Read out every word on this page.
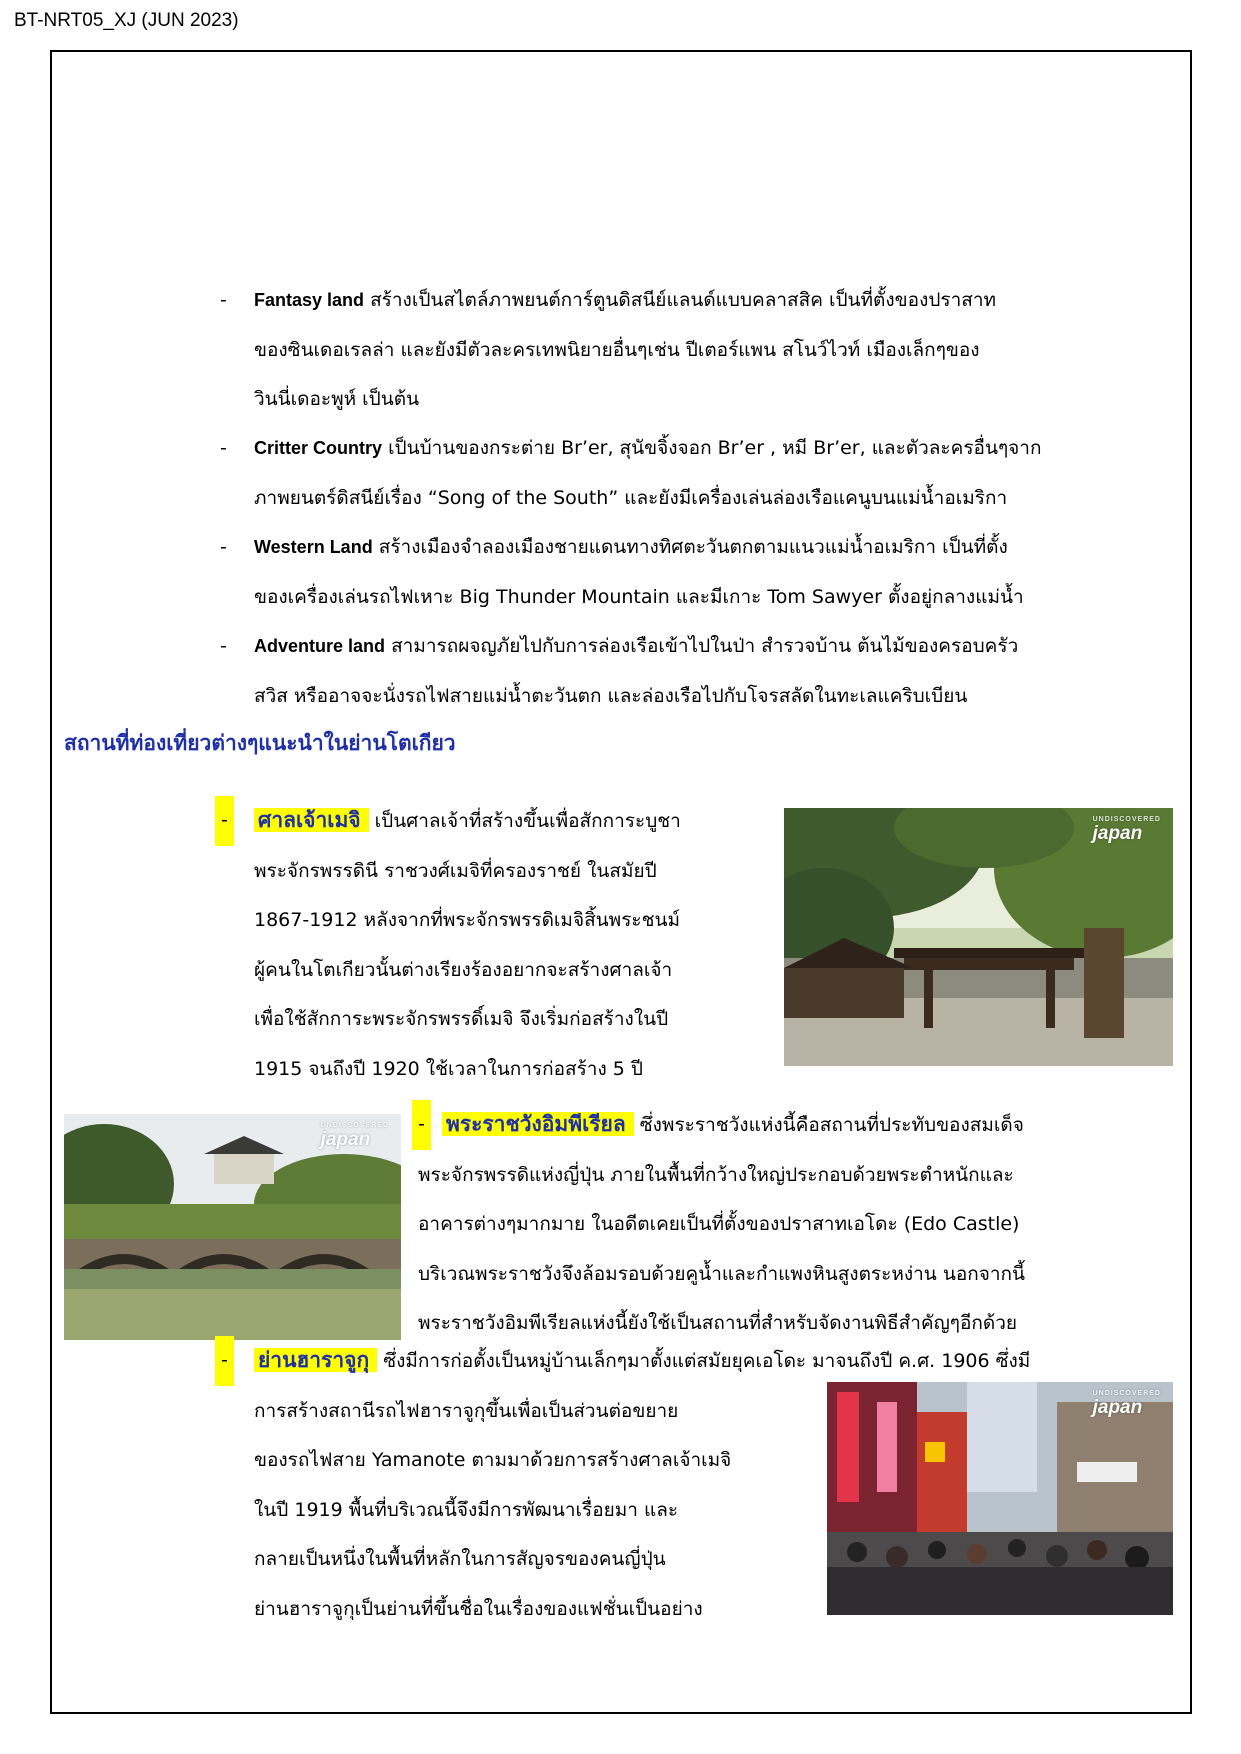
BT-NRT05_XJ (JUN 2023)
- Fantasy land สร้างเป็นสไตล์ภาพยนต์การ์ตูนดิสนีย์แลนด์แบบคลาสสิค เป็นที่ตั้งของปราสาท
ของซินเดอเรลล่า และยังมีตัวละครเทพนิยายอื่นๆเช่น ปีเตอร์แพน สโนว์ไวท์ เมืองเล็กๆของ
วินนี่เดอะพูห์ เป็นต้น
- Critter Country เป็นบ้านของกระต่าย Br’er, สุนัขจิ้งจอก Br’er , หมี Br’er, และตัวละครอื่นๆจาก
ภาพยนตร์ดิสนีย์เรื่อง “Song of the South” และยังมีเครื่องเล่นล่องเรือแคนูบนแม่น้ำอเมริกา
- Western Land สร้างเมืองจำลองเมืองชายแดนทางทิศตะวันตกตามแนวแม่น้ำอเมริกา เป็นที่ตั้ง
ของเครื่องเล่นรถไฟเหาะ Big Thunder Mountain และมีเกาะ Tom Sawyer ตั้งอยู่กลางแม่น้ำ
- Adventure land สามารถผจญภัยไปกับการล่องเรือเข้าไปในป่า สำรวจบ้าน ต้นไม้ของครอบครัว
สวิส หรืออาจจะนั่งรถไฟสายแม่น้ำตะวันตก และล่องเรือไปกับโจรสลัดในทะเลแคริบเบียน
สถานที่ท่องเที่ยวต่างๆแนะนำในย่านโตเกียว
- ศาลเจ้าเมจิ เป็นศาลเจ้าที่สร้างขึ้นเพื่อสักการะบูชา
พระจักรพรรดินี ราชวงศ์เมจิที่ครองราชย์ ในสมัยปี
1867-1912 หลังจากที่พระจักรพรรดิเมจิสิ้นพระชนม์
ผู้คนในโตเกียวนั้นต่างเรียงร้องอยากจะสร้างศาลเจ้า
เพื่อใช้สักการะพระจักรพรรดิ์เมจิ จึงเริ่มก่อสร้างในปี
1915 จนถึงปี 1920 ใช้เวลาในการก่อสร้าง 5 ปี
UNDISCOVERED
japan
UNDISCOVERED
japan
-	พระราชวังอิมพีเรียล ซึ่งพระราชวังแห่งนี้คือสถานที่ประทับของสมเด็จ
พระจักรพรรดิแห่งญี่ปุ่น ภายในพื้นที่กว้างใหญ่ประกอบด้วยพระตำหนักและ
อาคารต่างๆมากมาย ในอดีตเคยเป็นที่ตั้งของปราสาทเอโดะ (Edo Castle)
บริเวณพระราชวังจึงล้อมรอบด้วยคูน้ำและกำแพงหินสูงตระหง่าน นอกจากนี้
พระราชวังอิมพีเรียลแห่งนี้ยังใช้เป็นสถานที่สำหรับจัดงานพิธีสำคัญๆอีกด้วย
- ย่านฮาราจูกุ ซึ่งมีการก่อตั้งเป็นหมู่บ้านเล็กๆมาตั้งแต่สมัยยุคเอโดะ มาจนถึงปี ค.ศ. 1906 ซึ่งมี
การสร้างสถานีรถไฟฮาราจูกุขึ้นเพื่อเป็นส่วนต่อขยาย
ของรถไฟสาย Yamanote ตามมาด้วยการสร้างศาลเจ้าเมจิ
ในปี 1919 พื้นที่บริเวณนี้จึงมีการพัฒนาเรื่อยมา และ
กลายเป็นหนึ่งในพื้นที่หลักในการสัญจรของคนญี่ปุ่น
ย่านฮาราจูกุเป็นย่านที่ขึ้นชื่อในเรื่องของแฟชั่นเป็นอย่าง
UNDISCOVERED
japan
